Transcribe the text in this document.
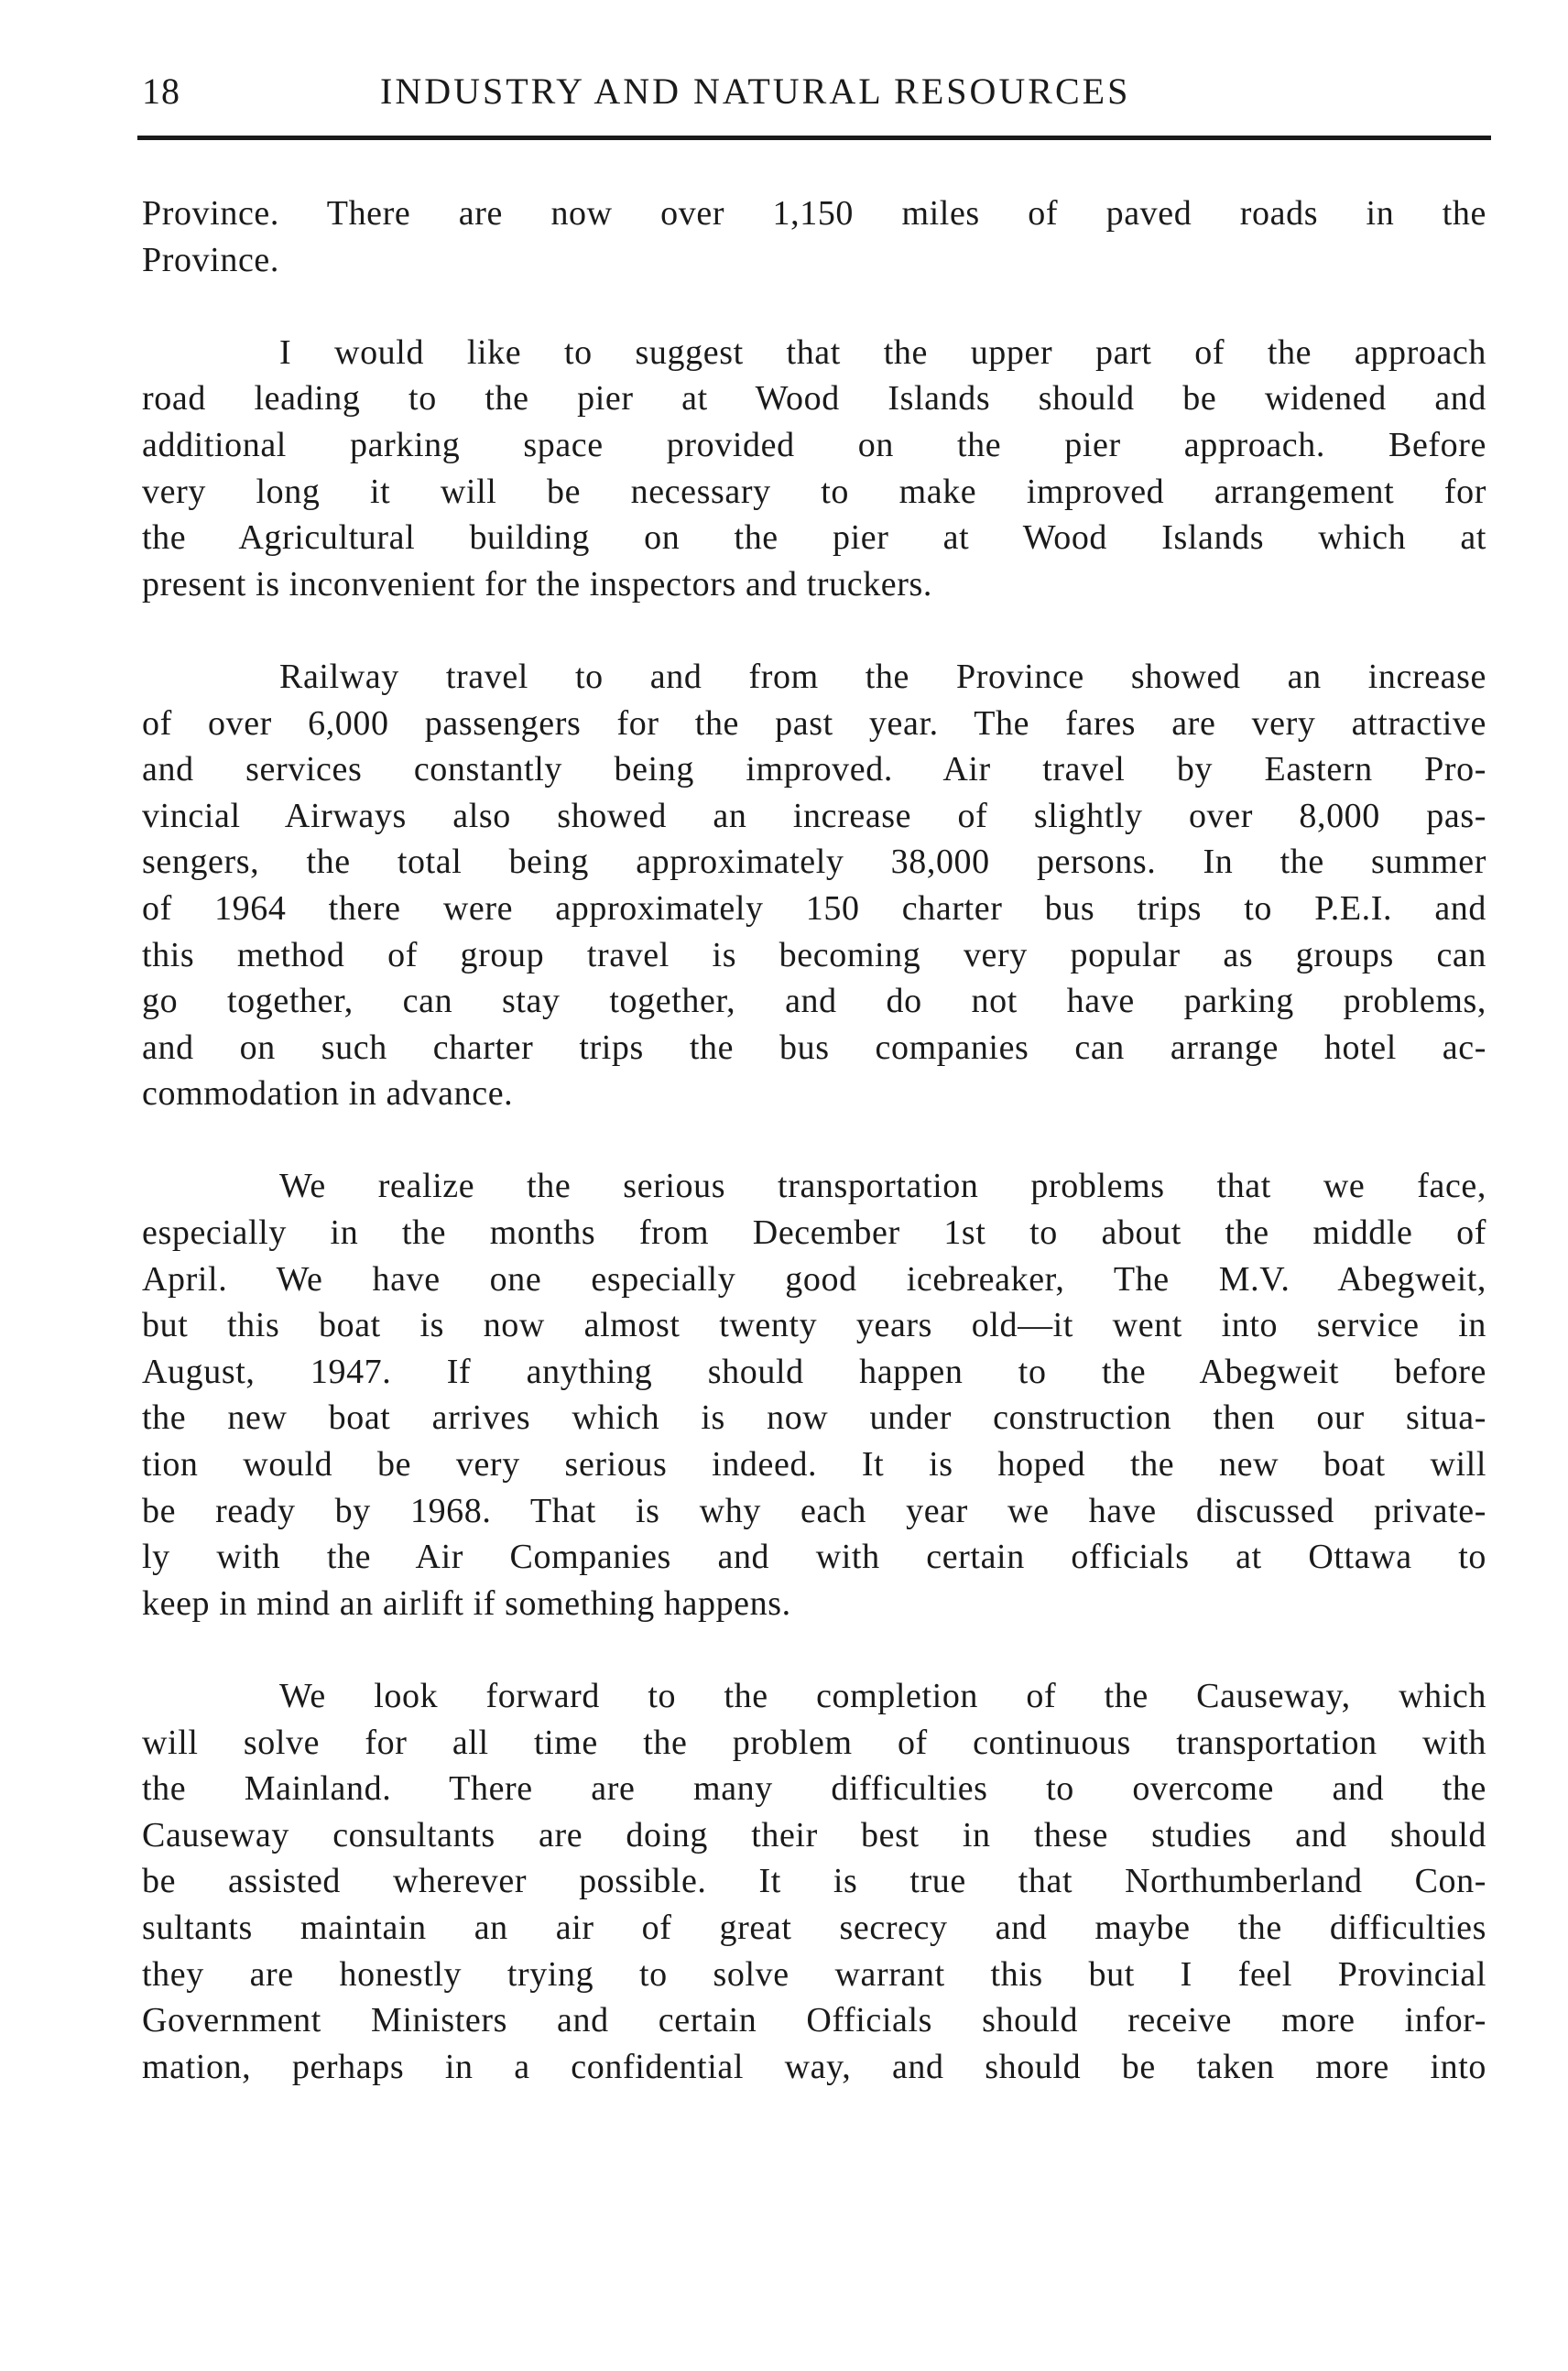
18	INDUSTRY AND NATURAL RESOURCES
Province. There are now over 1,150 miles of paved roads in the
Province.
I would like to suggest that the upper part of the approach
road leading to the pier at Wood Islands should be widened and
additional parking space provided on the pier approach. Before
very long it will be necessary to make improved arrangement for
the Agricultural building on the pier at Wood Islands which at
present is inconvenient for the inspectors and truckers.
Railway travel to and from the Province showed an increase
of over 6,000 passengers for the past year. The fares are very attractive
and services constantly being improved. Air travel by Eastern Pro-
vincial Airways also showed an increase of slightly over 8,000 pas-
sengers, the total being approximately 38,000 persons. In the summer
of 1964 there were approximately 150 charter bus trips to P.E.I. and
this method of group travel is becoming very popular as groups can
go together, can stay together, and do not have parking problems,
and on such charter trips the bus companies can arrange hotel ac-
commodation in advance.
We realize the serious transportation problems that we face,
especially in the months from December 1st to about the middle of
April. We have one especially good icebreaker, The M.V. Abegweit,
but this boat is now almost twenty years old—it went into service in
August, 1947. If anything should happen to the Abegweit before
the new boat arrives which is now under construction then our situa-
tion would be very serious indeed. It is hoped the new boat will
be ready by 1968. That is why each year we have discussed private-
ly with the Air Companies and with certain officials at Ottawa to
keep in mind an airlift if something happens.
We look forward to the completion of the Causeway, which
will solve for all time the problem of continuous transportation with
the Mainland. There are many difficulties to overcome and the
Causeway consultants are doing their best in these studies and should
be assisted wherever possible. It is true that Northumberland Con-
sultants maintain an air of great secrecy and maybe the difficulties
they are honestly trying to solve warrant this but I feel Provincial
Government Ministers and certain Officials should receive more infor-
mation, perhaps in a confidential way, and should be taken more into
